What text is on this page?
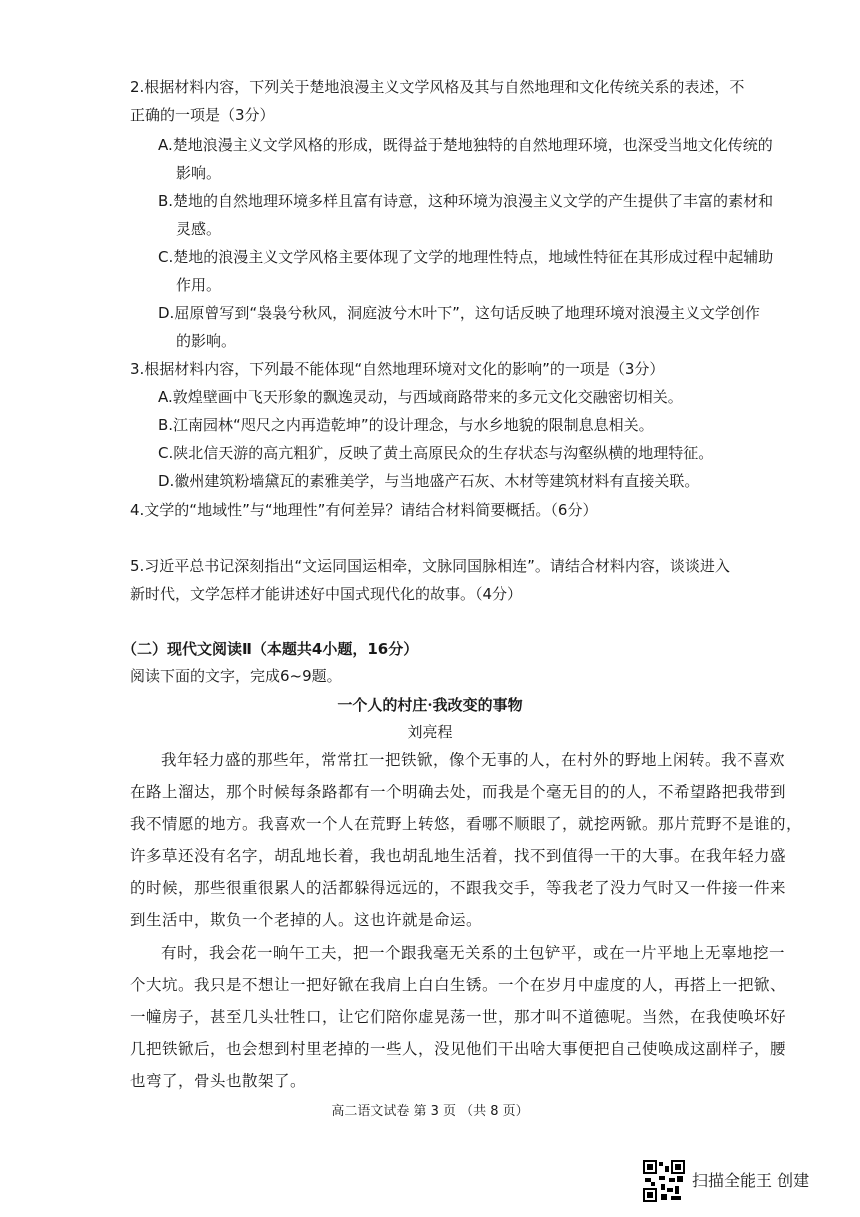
2.根据材料内容，下列关于楚地浪漫主义文学风格及其与自然地理和文化传统关系的表述，不
正确的一项是（3分）
A.楚地浪漫主义文学风格的形成，既得益于楚地独特的自然地理环境，也深受当地文化传统的
影响。
B.楚地的自然地理环境多样且富有诗意，这种环境为浪漫主义文学的产生提供了丰富的素材和
灵感。
C.楚地的浪漫主义文学风格主要体现了文学的地理性特点，地域性特征在其形成过程中起辅助
作用。
D.屈原曾写到“袅袅兮秋风，洞庭波兮木叶下”，这句话反映了地理环境对浪漫主义文学创作
的影响。
3.根据材料内容，下列最不能体现“自然地理环境对文化的影响”的一项是（3分）
A.敦煌壁画中飞天形象的飘逸灵动，与西域商路带来的多元文化交融密切相关。
B.江南园林“咫尺之内再造乾坤”的设计理念，与水乡地貌的限制息息相关。
C.陕北信天游的高亢粗犷，反映了黄土高原民众的生存状态与沟壑纵横的地理特征。
D.徽州建筑粉墙黛瓦的素雅美学，与当地盛产石灰、木材等建筑材料有直接关联。
4.文学的“地域性”与“地理性”有何差异？请结合材料简要概括。（6分）
5.习近平总书记深刻指出“文运同国运相牵，文脉同国脉相连”。请结合材料内容，谈谈进入
新时代，文学怎样才能讲述好中国式现代化的故事。（4分）
（二）现代文阅读Ⅱ（本题共4小题，16分）
阅读下面的文字，完成6~9题。
一个人的村庄·我改变的事物
刘亮程
我年轻力盛的那些年，常常扛一把铁锨，像个无事的人，在村外的野地上闲转。我不喜欢
在路上溜达，那个时候每条路都有一个明确去处，而我是个毫无目的的人，不希望路把我带到
我不情愿的地方。我喜欢一个人在荒野上转悠，看哪不顺眼了，就挖两锨。那片荒野不是谁的，
许多草还没有名字，胡乱地长着，我也胡乱地生活着，找不到值得一干的大事。在我年轻力盛
的时候，那些很重很累人的活都躲得远远的，不跟我交手，等我老了没力气时又一件接一件来
到生活中，欺负一个老掉的人。这也许就是命运。
有时，我会花一晌午工夫，把一个跟我毫无关系的土包铲平，或在一片平地上无辜地挖一
个大坑。我只是不想让一把好锨在我肩上白白生锈。一个在岁月中虚度的人，再搭上一把锨、
一幢房子，甚至几头壮牲口，让它们陪你虚晃荡一世，那才叫不道德呢。当然，在我使唤坏好
几把铁锨后，也会想到村里老掉的一些人，没见他们干出啥大事便把自己使唤成这副样子，腰
也弯了，骨头也散架了。
高二语文试卷 第 3 页 （共 8 页）
扫描全能王 创建
